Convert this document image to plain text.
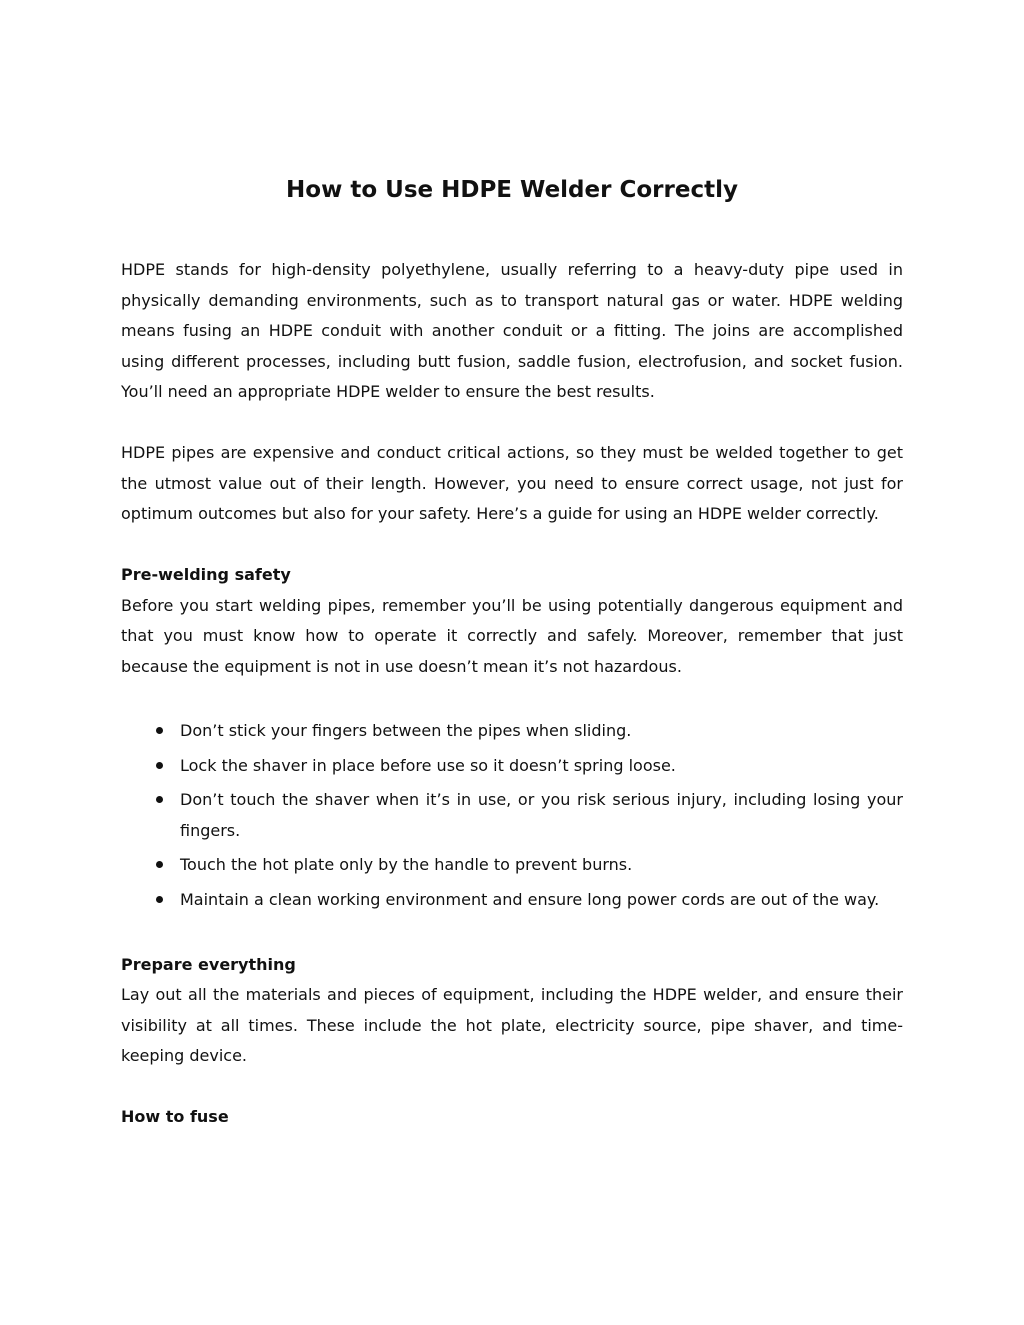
How to Use HDPE Welder Correctly

HDPE stands for high-density polyethylene, usually referring to a heavy-duty pipe used in physically demanding environments, such as to transport natural gas or water. HDPE welding means fusing an HDPE conduit with another conduit or a fitting. The joins are accomplished using different processes, including butt fusion, saddle fusion, electrofusion, and socket fusion. You’ll need an appropriate HDPE welder to ensure the best results.

HDPE pipes are expensive and conduct critical actions, so they must be welded together to get the utmost value out of their length. However, you need to ensure correct usage, not just for optimum outcomes but also for your safety. Here’s a guide for using an HDPE welder correctly.

Pre-welding safety

Before you start welding pipes, remember you’ll be using potentially dangerous equipment and that you must know how to operate it correctly and safely. Moreover, remember that just because the equipment is not in use doesn’t mean it’s not hazardous.

Don’t stick your fingers between the pipes when sliding.
Lock the shaver in place before use so it doesn’t spring loose.
Don’t touch the shaver when it’s in use, or you risk serious injury, including losing your fingers.
Touch the hot plate only by the handle to prevent burns.
Maintain a clean working environment and ensure long power cords are out of the way.

Prepare everything

Lay out all the materials and pieces of equipment, including the HDPE welder, and ensure their visibility at all times. These include the hot plate, electricity source, pipe shaver, and time-keeping device.

How to fuse
